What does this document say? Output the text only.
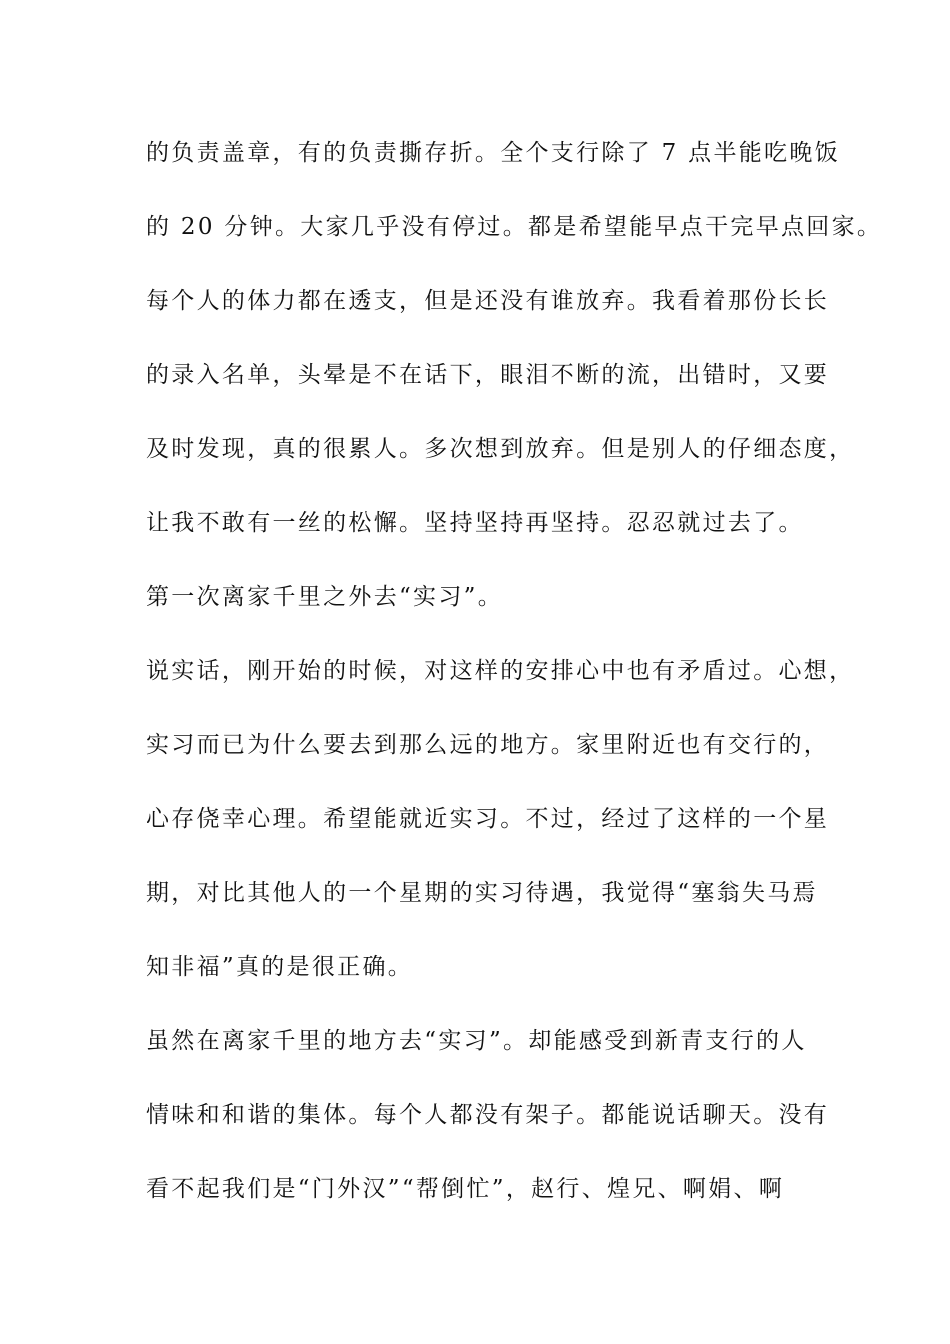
的负责盖章，有的负责撕存折。全个支行除了 7 点半能吃晚饭
的 20 分钟。大家几乎没有停过。都是希望能早点干完早点回家。
每个人的体力都在透支，但是还没有谁放弃。我看着那份长长
的录入名单，头晕是不在话下，眼泪不断的流，出错时，又要
及时发现，真的很累人。多次想到放弃。但是别人的仔细态度，
让我不敢有一丝的松懈。坚持坚持再坚持。忍忍就过去了。
第一次离家千里之外去“实习”。
说实话，刚开始的时候，对这样的安排心中也有矛盾过。心想，
实习而已为什么要去到那么远的地方。家里附近也有交行的，
心存侥幸心理。希望能就近实习。不过，经过了这样的一个星
期，对比其他人的一个星期的实习待遇，我觉得“塞翁失马焉
知非福”真的是很正确。
虽然在离家千里的地方去“实习”。却能感受到新青支行的人
情味和和谐的集体。每个人都没有架子。都能说话聊天。没有
看不起我们是“门外汉”“帮倒忙”，赵行、煌兄、啊娟、啊
